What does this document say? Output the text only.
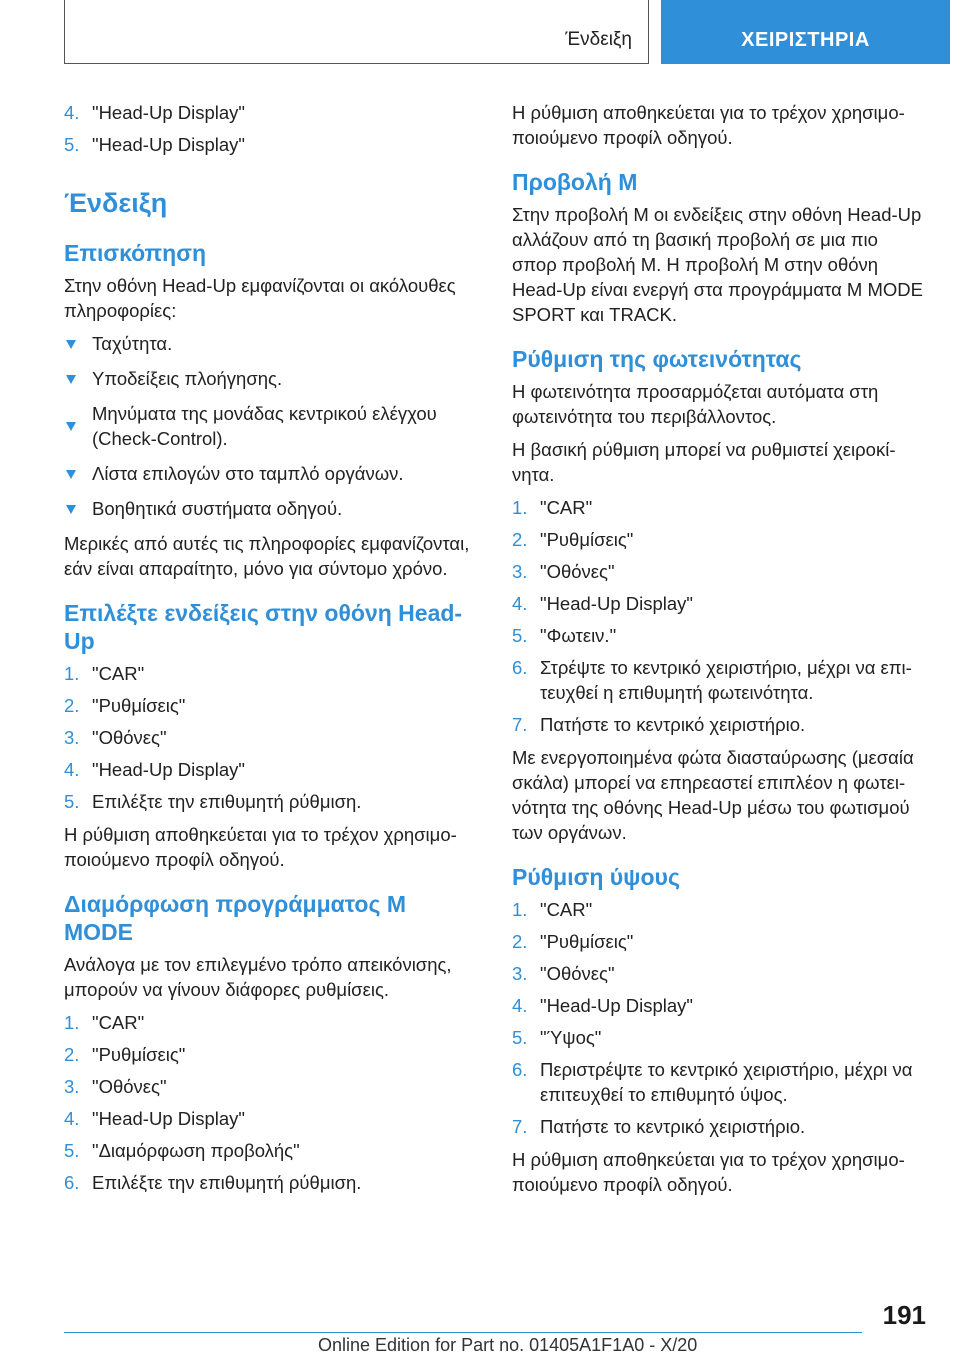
Ένδειξη	ΧΕΙΡΙΣΤΗΡΙΑ
4. "Head-Up Display"
5. "Head-Up Display"
Ένδειξη
Επισκόπηση

Στην οθόνη Head-Up εμφανίζονται οι ακόλουθες πληροφορίες:

Ταχύτητα.
Υποδείξεις πλοήγησης.
Μηνύματα της μονάδας κεντρικού ελέγχου (Check-Control).
Λίστα επιλογών στο ταμπλό οργάνων.
Βοηθητικά συστήματα οδηγού.

Μερικές από αυτές τις πληροφορίες εμφανίζονται, εάν είναι απαραίτητο, μόνο για σύντομο χρόνο.

Επιλέξτε ενδείξεις στην οθόνη Head-Up
1. "CAR"
2. "Ρυθμίσεις"
3. "Οθόνες"
4. "Head-Up Display"
5. Επιλέξτε την επιθυμητή ρύθμιση.

Η ρύθμιση αποθηκεύεται για το τρέχον χρησιμοποιούμενο προφίλ οδηγού.

Διαμόρφωση προγράμματος M MODE

Ανάλογα με τον επιλεγμένο τρόπο απεικόνισης, μπορούν να γίνουν διάφορες ρυθμίσεις.

1. "CAR"
2. "Ρυθμίσεις"
3. "Οθόνες"
4. "Head-Up Display"
5. "Διαμόρφωση προβολής"
6. Επιλέξτε την επιθυμητή ρύθμιση.

Η ρύθμιση αποθηκεύεται για το τρέχον χρησιμοποιούμενο προφίλ οδηγού.

Προβολή M

Στην προβολή M οι ενδείξεις στην οθόνη Head-Up αλλάζουν από τη βασική προβολή σε μια πιο σπορ προβολή M. Η προβολή M στην οθόνη Head-Up είναι ενεργή στα προγράμματα M MODE SPORT και TRACK.

Ρύθμιση της φωτεινότητας

Η φωτεινότητα προσαρμόζεται αυτόματα στη φωτεινότητα του περιβάλλοντος.

Η βασική ρύθμιση μπορεί να ρυθμιστεί χειροκίνητα.

1. "CAR"
2. "Ρυθμίσεις"
3. "Οθόνες"
4. "Head-Up Display"
5. "Φωτειν."
6. Στρέψτε το κεντρικό χειριστήριο, μέχρι να επιτευχθεί η επιθυμητή φωτεινότητα.
7. Πατήστε το κεντρικό χειριστήριο.

Με ενεργοποιημένα φώτα διασταύρωσης (μεσαία σκάλα) μπορεί να επηρεαστεί επιπλέον η φωτεινότητα της οθόνης Head-Up μέσω του φωτισμού των οργάνων.

Ρύθμιση ύψους
1. "CAR"
2. "Ρυθμίσεις"
3. "Οθόνες"
4. "Head-Up Display"
5. "Ύψος"
6. Περιστρέψτε το κεντρικό χειριστήριο, μέχρι να επιτευχθεί το επιθυμητό ύψος.
7. Πατήστε το κεντρικό χειριστήριο.

Η ρύθμιση αποθηκεύεται για το τρέχον χρησιμοποιούμενο προφίλ οδηγού.

191
Online Edition for Part no. 01405A1F1A0 - X/20
